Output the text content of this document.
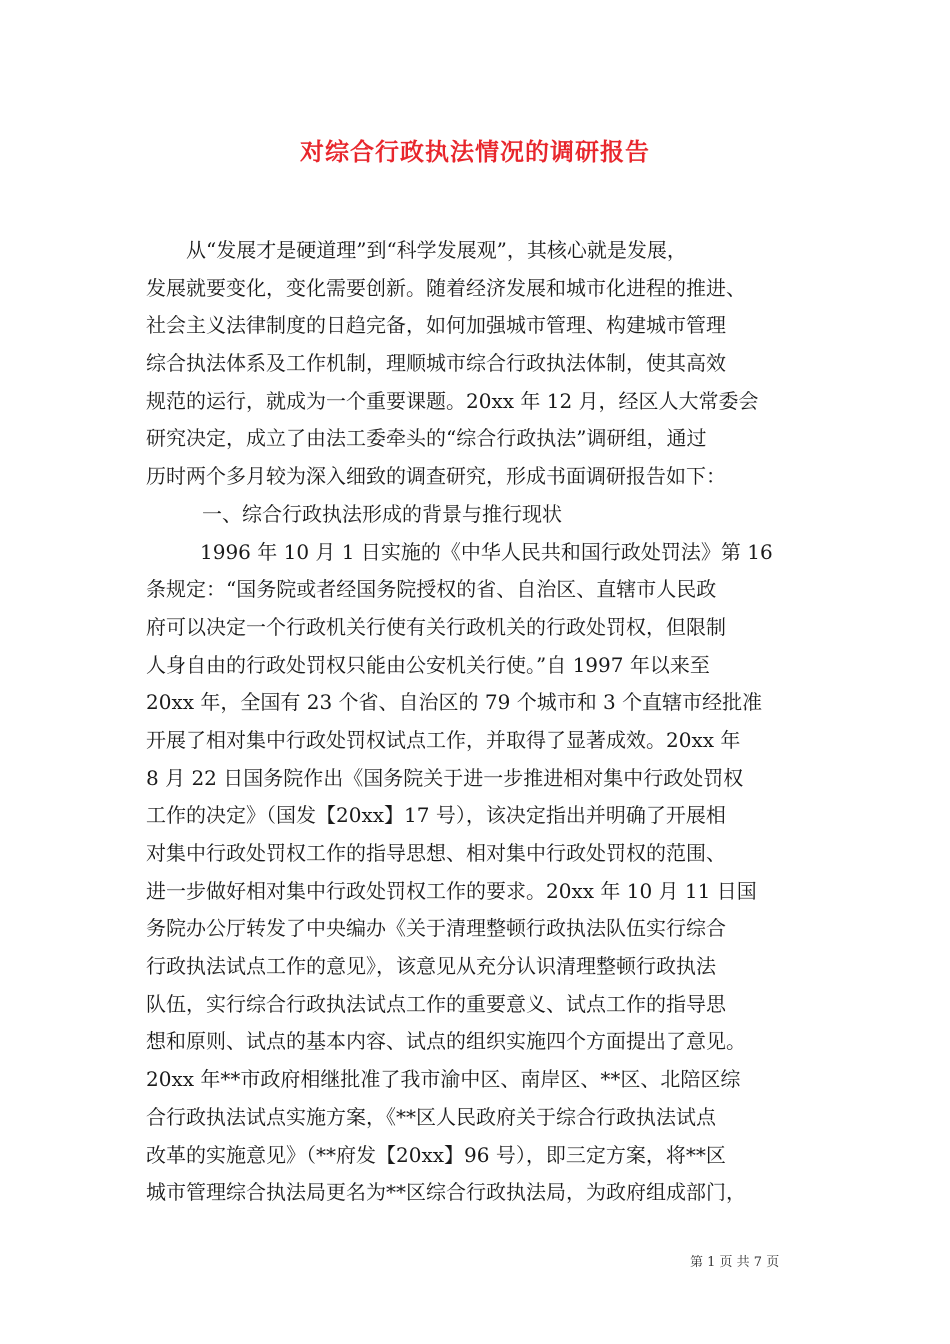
对综合行政执法情况的调研报告
从“发展才是硬道理”到“科学发展观”，其核心就是发展，
发展就要变化，变化需要创新。随着经济发展和城市化进程的推进、
社会主义法律制度的日趋完备，如何加强城市管理、构建城市管理
综合执法体系及工作机制，理顺城市综合行政执法体制，使其高效
规范的运行，就成为一个重要课题。20xx 年 12 月，经区人大常委会
研究决定，成立了由法工委牵头的“综合行政执法”调研组，通过
历时两个多月较为深入细致的调查研究，形成书面调研报告如下：
一、综合行政执法形成的背景与推行现状
1996 年 10 月 1 日实施的《中华人民共和国行政处罚法》第 16
条规定：“国务院或者经国务院授权的省、自治区、直辖市人民政
府可以决定一个行政机关行使有关行政机关的行政处罚权，但限制
人身自由的行政处罚权只能由公安机关行使。”自 1997 年以来至
20xx 年，全国有 23 个省、自治区的 79 个城市和 3 个直辖市经批准
开展了相对集中行政处罚权试点工作，并取得了显著成效。20xx 年
8 月 22 日国务院作出《国务院关于进一步推进相对集中行政处罚权
工作的决定》（国发【20xx】17 号），该决定指出并明确了开展相
对集中行政处罚权工作的指导思想、相对集中行政处罚权的范围、
进一步做好相对集中行政处罚权工作的要求。20xx 年 10 月 11 日国
务院办公厅转发了中央编办《关于清理整顿行政执法队伍实行综合
行政执法试点工作的意见》，该意见从充分认识清理整顿行政执法
队伍，实行综合行政执法试点工作的重要意义、试点工作的指导思
想和原则、试点的基本内容、试点的组织实施四个方面提出了意见。
20xx 年**市政府相继批准了我市渝中区、南岸区、**区、北陪区综
合行政执法试点实施方案，《**区人民政府关于综合行政执法试点
改革的实施意见》（**府发【20xx】96 号），即三定方案，将**区
城市管理综合执法局更名为**区综合行政执法局，为政府组成部门，
第 1 页 共 7 页
